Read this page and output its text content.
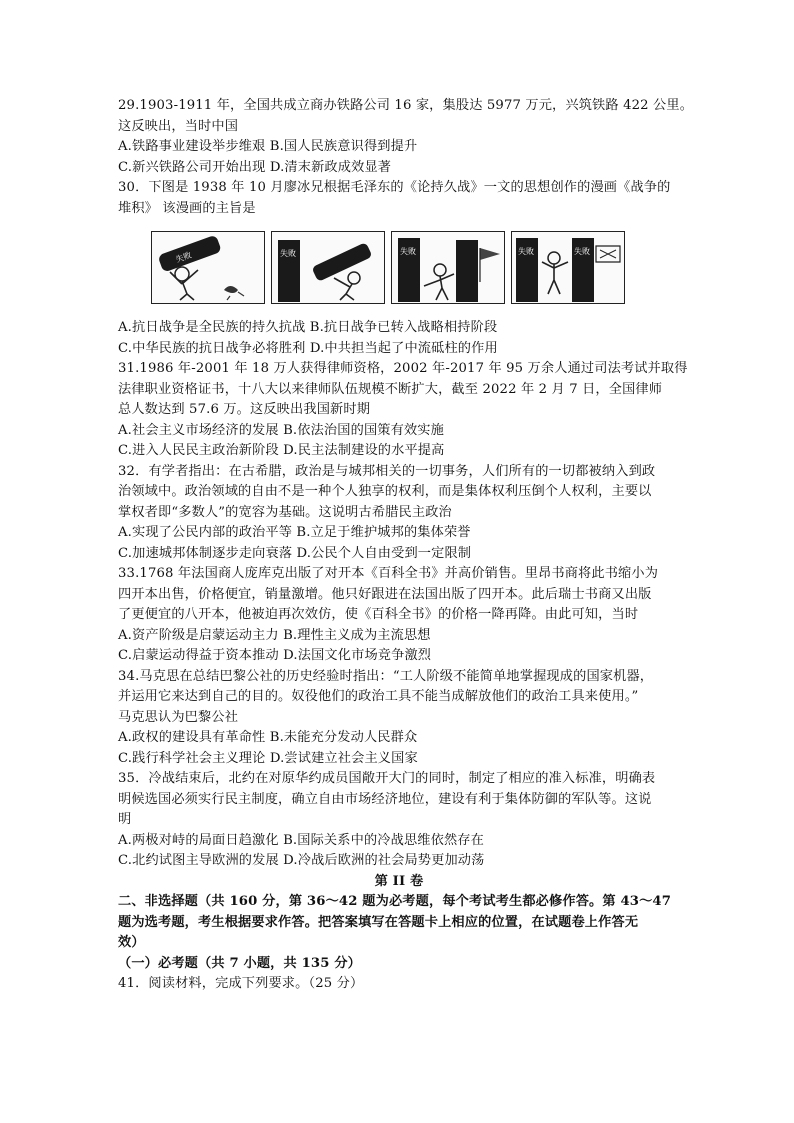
29.1903-1911 年，全国共成立商办铁路公司 16 家，集股达 5977 万元，兴筑铁路 422 公里。
这反映出，当时中国
A.铁路事业建设举步维艰 B.国人民族意识得到提升
C.新兴铁路公司开始出现 D.清末新政成效显著
30．下图是 1938 年 10 月廖冰兄根据毛泽东的《论持久战》一文的思想创作的漫画《战争的
堆积》 该漫画的主旨是
失败	失败	失败	失败	失败
A.抗日战争是全民族的持久抗战 B.抗日战争已转入战略相持阶段
C.中华民族的抗日战争必将胜利 D.中共担当起了中流砥柱的作用
31.1986 年-2001 年 18 万人获得律师资格，2002 年-2017 年 95 万余人通过司法考试并取得
法律职业资格证书，十八大以来律师队伍规模不断扩大，截至 2022 年 2 月 7 日，全国律师
总人数达到 57.6 万。这反映出我国新时期
A.社会主义市场经济的发展 B.依法治国的国策有效实施
C.进入人民民主政治新阶段 D.民主法制建设的水平提高
32．有学者指出：在古希腊，政治是与城邦相关的一切事务，人们所有的一切都被纳入到政
治领域中。政治领域的自由不是一种个人独享的权利，而是集体权利压倒个人权利，主要以
掌权者即“多数人”的宽容为基础。这说明古希腊民主政治
A.实现了公民内部的政治平等 B.立足于维护城邦的集体荣誉
C.加速城邦体制逐步走向衰落 D.公民个人自由受到一定限制
33.1768 年法国商人庞库克出版了对开本《百科全书》并高价销售。里昂书商将此书缩小为
四开本出售，价格便宜，销量激增。他只好跟进在法国出版了四开本。此后瑞士书商又出版
了更便宜的八开本，他被迫再次效仿，使《百科全书》的价格一降再降。由此可知，当时
A.资产阶级是启蒙运动主力 B.理性主义成为主流思想
C.启蒙运动得益于资本推动 D.法国文化市场竞争激烈
34.马克思在总结巴黎公社的历史经验时指出：“工人阶级不能简单地掌握现成的国家机器，
并运用它来达到自己的目的。奴役他们的政治工具不能当成解放他们的政治工具来使用。”
马克思认为巴黎公社
A.政权的建设具有革命性 B.未能充分发动人民群众
C.践行科学社会主义理论 D.尝试建立社会主义国家
35．冷战结束后，北约在对原华约成员国敞开大门的同时，制定了相应的准入标准，明确表
明候选国必须实行民主制度，确立自由市场经济地位，建设有利于集体防御的军队等。这说
明
A.两极对峙的局面日趋激化 B.国际关系中的冷战思维依然存在
C.北约试图主导欧洲的发展 D.冷战后欧洲的社会局势更加动荡
第 II 卷
二、非选择题（共 160 分，第 36～42 题为必考题，每个考试考生都必修作答。第 43～47
题为选考题，考生根据要求作答。把答案填写在答题卡上相应的位置，在试题卷上作答无
效）
（一）必考题（共 7 小题，共 135 分）
41．阅读材料，完成下列要求。（25 分）
